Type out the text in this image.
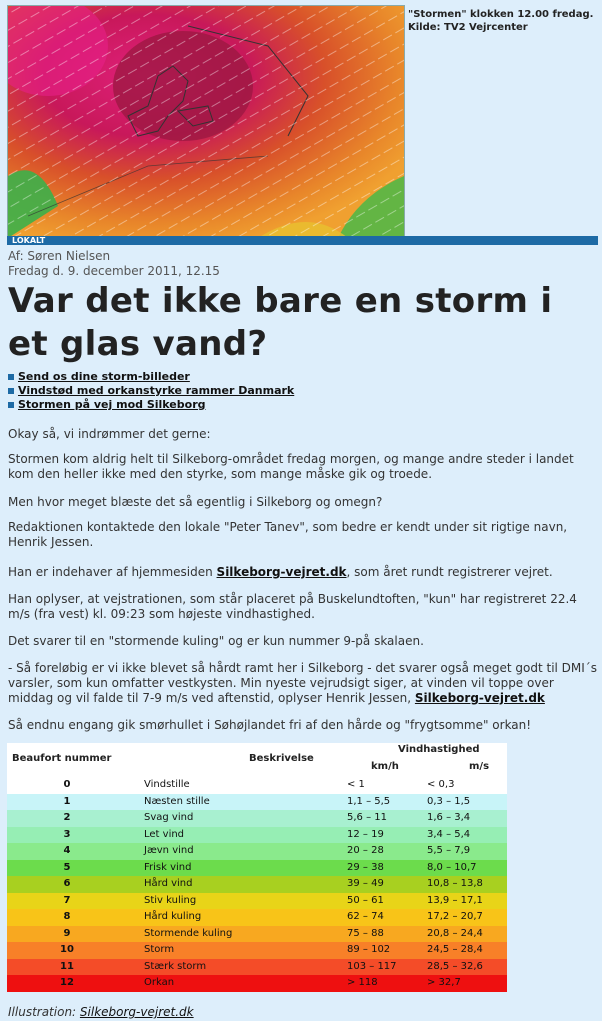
"Stormen" klokken 12.00 fredag.
Kilde: TV2 Vejrcenter
LOKALT
Af: Søren Nielsen
Fredag d. 9. december 2011, 12.15
Var det ikke bare en storm i et glas vand?
Send os dine storm-billeder
Vindstød med orkanstyrke rammer Danmark
Stormen på vej mod Silkeborg

Okay så, vi indrømmer det gerne:

Stormen kom aldrig helt til Silkeborg-området fredag morgen, og mange andre steder i landet kom den heller ikke med den styrke, som mange måske gik og troede.

Men hvor meget blæste det så egentlig i Silkeborg og omegn?

Redaktionen kontaktede den lokale "Peter Tanev", som bedre er kendt under sit rigtige navn, Henrik Jessen.

Han er indehaver af hjemmesiden Silkeborg-vejret.dk, som året rundt registrerer vejret.

Han oplyser, at vejstrationen, som står placeret på Buskelundtoften, "kun" har registreret 22.4 m/s (fra vest) kl. 09:23 som højeste vindhastighed.

Det svarer til en "stormende kuling" og er kun nummer 9-på skalaen.

- Så foreløbig er vi ikke blevet så hårdt ramt her i Silkeborg - det svarer også meget godt til DMI´s varsler, som kun omfatter vestkysten. Min nyeste vejrudsigt siger, at vinden vil toppe over middag og vil falde til 7-9 m/s ved aftenstid, oplyser Henrik Jessen, Silkeborg-vejret.dk

Så endnu engang gik smørhullet i Søhøjlandet fri af den hårde og "frygtsomme" orkan!

Beaufort nummer	Beskrivelse
Vindhastighed
km/h	m/s
0	Vindstille	< 1	< 0,3
1	Næsten stille	1,1 – 5,5	0,3 – 1,5
2	Svag vind	5,6 – 11	1,6 – 3,4
3	Let vind	12 – 19	3,4 – 5,4
4	Jævn vind	20 – 28	5,5 – 7,9
5	Frisk vind	29 – 38	8,0 – 10,7
6	Hård vind	39 – 49	10,8 – 13,8
7	Stiv kuling	50 – 61	13,9 – 17,1
8	Hård kuling	62 – 74	17,2 – 20,7
9	Stormende kuling	75 – 88	20,8 – 24,4
10	Storm	89 – 102	24,5 – 28,4
11	Stærk storm	103 – 117	28,5 – 32,6
12	Orkan	> 118	> 32,7
Illustration: Silkeborg-vejret.dk
